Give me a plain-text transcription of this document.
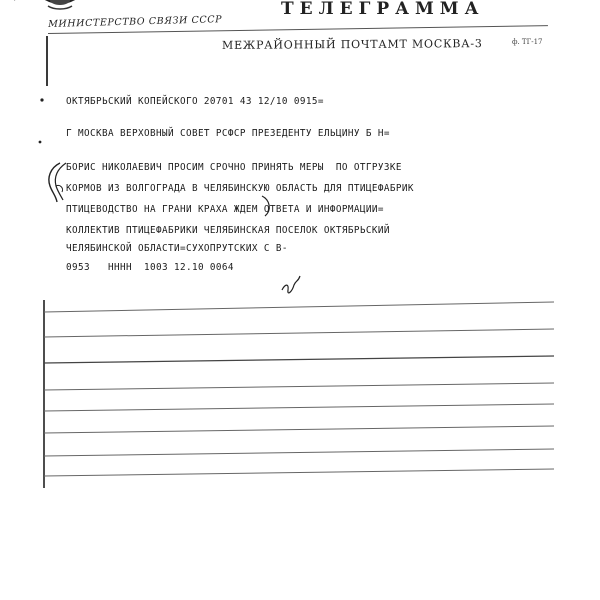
МИНИСТЕРСТВО СВЯЗИ СССР
ТЕЛЕГРАММА
МЕЖРАЙОННЫЙ ПОЧТАМТ МОСКВА-3	ф. ТГ-17
ОКТЯБРЬСКИЙ КОПЕЙСКОГО 20701 43 12/10 0915=
Г МОСКВА ВЕРХОВНЫЙ СОВЕТ РСФСР ПРЕЗЕДЕНТУ ЕЛЬЦИНУ Б Н=
БОРИС НИКОЛАЕВИЧ ПРОСИМ СРОЧНО ПРИНЯТЬ МЕРЫ  ПО ОТГРУЗКЕ
КОРМОВ ИЗ ВОЛГОГРАДА В ЧЕЛЯБИНСКУЮ ОБЛАСТЬ ДЛЯ ПТИЦЕФАБРИК
ПТИЦЕВОДСТВО НА ГРАНИ КРАХА ЖДЕМ ОТВЕТА И ИНФОРМАЦИИ=
КОЛЛЕКТИВ ПТИЦЕФАБРИКИ ЧЕЛЯБИНСКАЯ ПОСЕЛОК ОКТЯБРЬСКИЙ
ЧЕЛЯБИНСКОЙ ОБЛАСТИ=СУХОПРУТСКИХ С В-
0953   НННН  1003 12.10 0064
